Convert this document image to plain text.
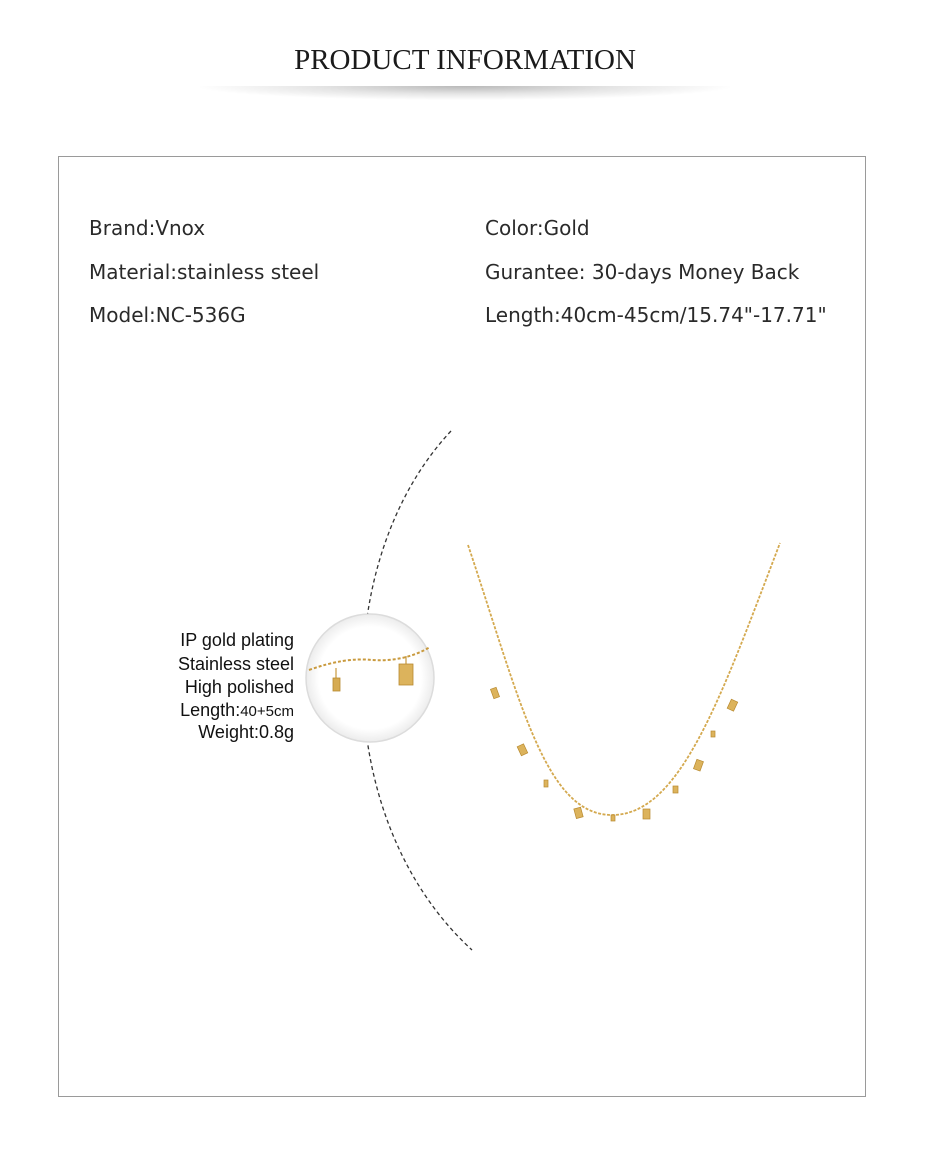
PRODUCT INFORMATION
Brand:Vnox
Material:stainless steel
Model:NC-536G
Color:Gold
Gurantee: 30-days Money Back
Length:40cm-45cm/15.74"-17.71"
IP gold plating
Stainless steel
High polished
Length:40+5cm
Weight:0.8g
